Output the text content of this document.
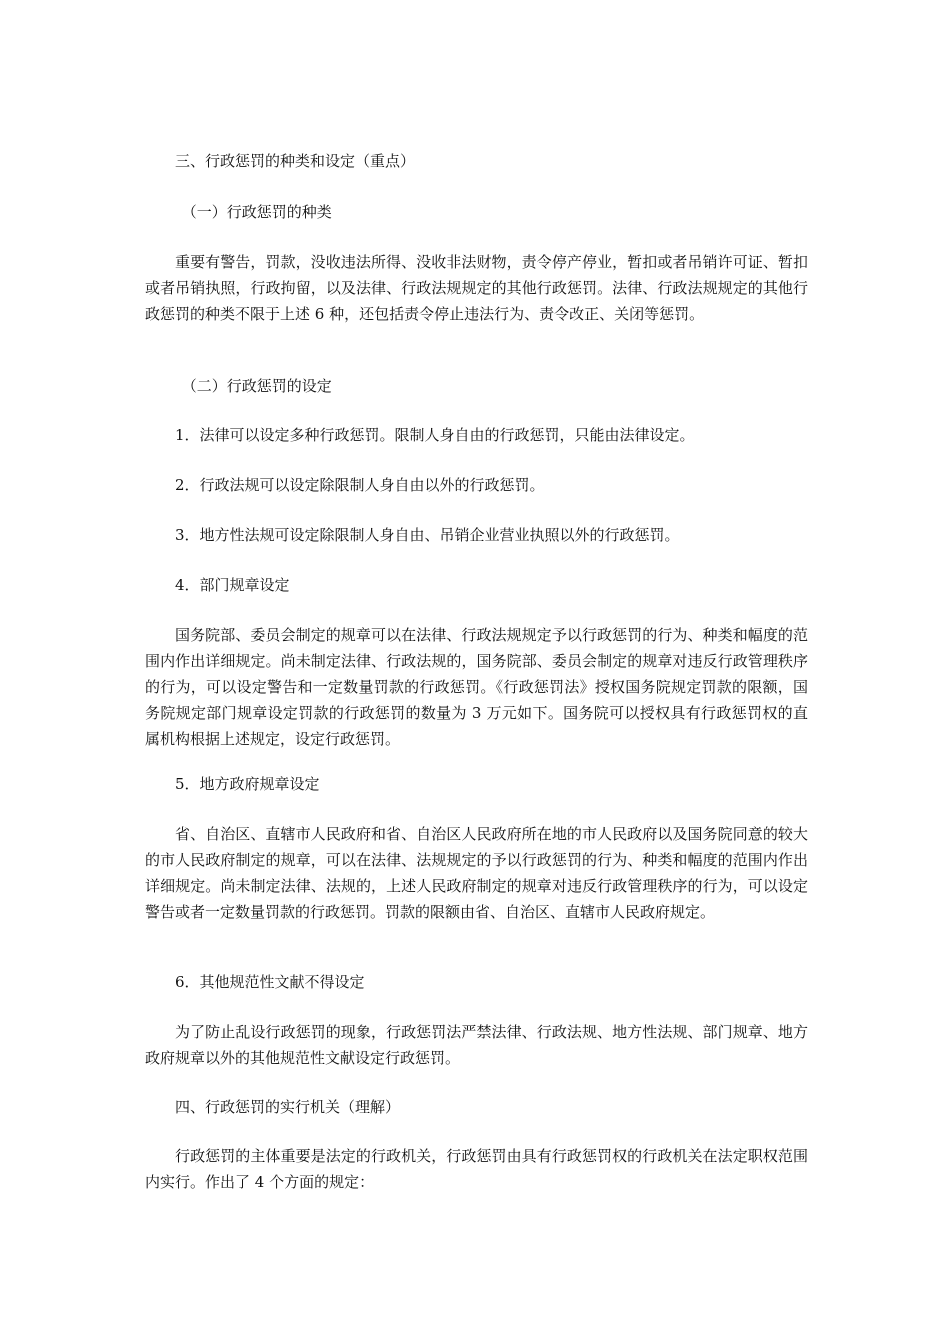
三、行政惩罚的种类和设定（重点）

（一）行政惩罚的种类

重要有警告，罚款，没收违法所得、没收非法财物，责令停产停业，暂扣或者吊销许可证、暂扣或者吊销执照，行政拘留，以及法律、行政法规规定的其他行政惩罚。法律、行政法规规定的其他行政惩罚的种类不限于上述 6 种，还包括责令停止违法行为、责令改正、关闭等惩罚。

（二）行政惩罚的设定

1．法律可以设定多种行政惩罚。限制人身自由的行政惩罚，只能由法律设定。

2．行政法规可以设定除限制人身自由以外的行政惩罚。

3．地方性法规可设定除限制人身自由、吊销企业营业执照以外的行政惩罚。

4．部门规章设定

国务院部、委员会制定的规章可以在法律、行政法规规定予以行政惩罚的行为、种类和幅度的范围内作出详细规定。尚未制定法律、行政法规的，国务院部、委员会制定的规章对违反行政管理秩序的行为，可以设定警告和一定数量罚款的行政惩罚。《行政惩罚法》授权国务院规定罚款的限额，国务院规定部门规章设定罚款的行政惩罚的数量为 3 万元如下。国务院可以授权具有行政惩罚权的直属机构根据上述规定，设定行政惩罚。

5．地方政府规章设定

省、自治区、直辖市人民政府和省、自治区人民政府所在地的市人民政府以及国务院同意的较大的市人民政府制定的规章，可以在法律、法规规定的予以行政惩罚的行为、种类和幅度的范围内作出详细规定。尚未制定法律、法规的，上述人民政府制定的规章对违反行政管理秩序的行为，可以设定警告或者一定数量罚款的行政惩罚。罚款的限额由省、自治区、直辖市人民政府规定。

6．其他规范性文献不得设定

为了防止乱设行政惩罚的现象，行政惩罚法严禁法律、行政法规、地方性法规、部门规章、地方政府规章以外的其他规范性文献设定行政惩罚。

四、行政惩罚的实行机关（理解）

行政惩罚的主体重要是法定的行政机关，行政惩罚由具有行政惩罚权的行政机关在法定职权范围内实行。作出了 4 个方面的规定：
